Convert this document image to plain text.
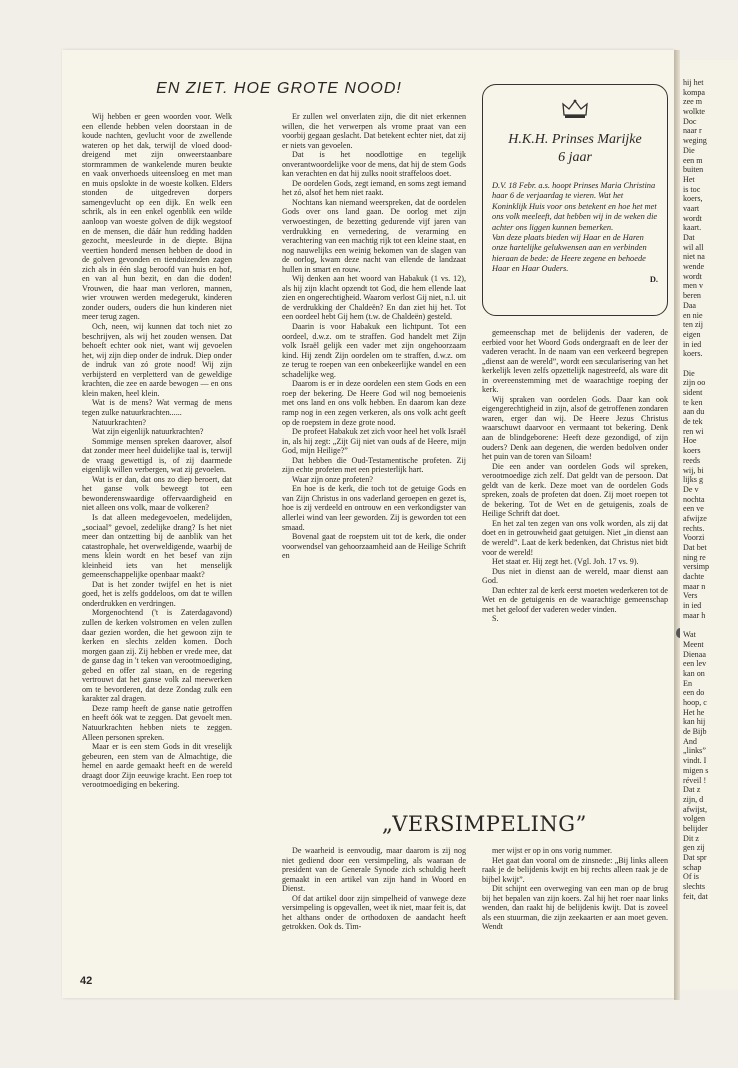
EN ZIET. HOE GROTE NOOD!

Wij hebben er geen woorden voor. Welk een ellende hebben velen doorstaan in de koude nachten, gevlucht voor de zwellende wateren op het dak, terwijl de vloed dood-dreigend met zijn onweerstaanbare stormrammen de wankelende muren beukte en vaak onverhoeds uiteensloeg en met man en muis opslokte in de woeste kolken. Elders stonden de uitgedreven dorpers samengevlucht op een dijk. En welk een schrik, als in een enkel ogenblik een wilde aanloop van woeste golven de dijk wegstoof en de mensen, die dáár hun redding hadden gezocht, meesleurde in de diepte. Bijna veertien honderd mensen hebben de dood in de golven gevonden en tienduizenden zagen zich als in één slag beroofd van huis en hof, en van al hun bezit, en dan die doden! Vrouwen, die haar man verloren, mannen, wier vrouwen werden medegerukt, kinderen zonder ouders, ouders die hun kinderen niet meer terug zagen.

Och, neen, wij kunnen dat toch niet zo beschrijven, als wij het zouden wensen. Dat behoeft echter ook niet, want wij gevoelen het, wij zijn diep onder de indruk. Diep onder de indruk van zó grote nood! Wij zijn verbijsterd en verpletterd van de geweldige krachten, die zee en aarde bewogen — en ons klein maken, heel klein.

Wat is de mens? Wat vermag de mens tegen zulke natuurkrachten......

Natuurkrachten?

Wat zijn eigenlijk natuurkrachten?

Sommige mensen spreken daarover, alsof dat zonder meer heel duidelijke taal is, terwijl de vraag gewettigd is, of zij daarmede eigenlijk willen verbergen, wat zij gevoelen.

Wat is er dan, dat ons zo diep beroert, dat het ganse volk beweegt tot een bewonderenswaardige offervaardigheid en niet alleen ons volk, maar de volkeren?

Is dat alleen medegevoelen, medelijden, „sociaal” gevoel, zedelijke drang? Is het niet meer dan ontzetting bij de aanblik van het catastrophale, het overweldigende, waarbij de mens klein wordt en het besef van zijn kleinheid iets van het menselijk gemeenschappelijke openbaar maakt?

Dat is het zonder twijfel en het is niet goed, het is zelfs goddeloos, om dat te willen onderdrukken en verdringen.

Morgenochtend ('t is Zaterdagavond) zullen de kerken volstromen en velen zullen daar gezien worden, die het gewoon zijn te kerken en slechts zelden komen. Doch morgen gaan zij. Zij hebben er vrede mee, dat de ganse dag in 't teken van verootmoediging, gebed en offer zal staan, en de regering vertrouwt dat het ganse volk zal meewerken om te bevorderen, dat deze Zondag zulk een karakter zal dragen.

Deze ramp heeft de ganse natie getroffen en heeft óók wat te zeggen. Dat gevoelt men. Natuurkrachten hebben niets te zeggen. Alleen personen spreken.

Maar er is een stem Gods in dit vreselijk gebeuren, een stem van de Almachtige, die hemel en aarde gemaakt heeft en de wereld draagt door Zijn eeuwige kracht. Een roep tot verootmoediging en bekering.

Er zullen wel onverlaten zijn, die dit niet erkennen willen, die het verwerpen als vrome praat van een voorbij gegaan geslacht. Dat betekent echter niet, dat zij er niets van gevoelen.

Dat is het noodlottige en tegelijk onverantwoordelijke voor de mens, dat hij de stem Gods kan verachten en dat hij zulks nooit straffeloos doet.

De oordelen Gods, zegt iemand, en soms zegt iemand het zó, alsof het hem niet raakt.

Nochtans kan niemand weerspreken, dat de oordelen Gods over ons land gaan. De oorlog met zijn verwoestingen, de bezetting gedurende vijf jaren van verdrukking en vernedering, de verarming en verachtering van een machtig rijk tot een kleine staat, en nog nauwelijks een weinig bekomen van de slagen van de oorlog, kwam deze nacht van ellende de landzaat hullen in smart en rouw.

Wij denken aan het woord van Habakuk (1 vs. 12), als hij zijn klacht opzendt tot God, die hem ellende laat zien en ongerechtigheid. Waarom verlost Gij niet, n.l. uit de verdrukking der Chaldeën? En dan ziet hij het. Tot een oordeel hebt Gij hem (t.w. de Chaldeën) gesteld.

Daarin is voor Habakuk een lichtpunt. Tot een oordeel, d.w.z. om te straffen. God handelt met Zijn volk Israël gelijk een vader met zijn ongehoorzaam kind. Hij zendt Zijn oordelen om te straffen, d.w.z. om ze terug te roepen van een onbekeerlijke wandel en een schadelijke weg.

Daarom is er in deze oordelen een stem Gods en een roep der bekering. De Heere God wil nog bemoeienis met ons land en ons volk hebben. En daarom kan deze ramp nog in een zegen verkeren, als ons volk acht geeft op de roepstem in deze grote nood.

De profeet Habakuk zet zich voor heel het volk Israël in, als hij zegt: „Zijt Gij niet van ouds af de Heere, mijn God, mijn Heilige?”

Dat hebben die Oud-Testamentische profeten. Zij zijn echte profeten met een priesterlijk hart.

Waar zijn onze profeten?

En hoe is de kerk, die toch tot de getuige Gods en van Zijn Christus in ons vaderland geroepen en gezet is, hoe is zij verdeeld en ontrouw en een verkondigster van allerlei wind van leer geworden. Zij is geworden tot een smaad.

Bovenal gaat de roepstem uit tot de kerk, die onder voorwendsel van gehoorzaamheid aan de Heilige Schrift en

gemeenschap met de belijdenis der vaderen, de eerbied voor het Woord Gods ondergraaft en de leer der vaderen veracht. In de naam van een verkeerd begrepen „dienst aan de wereld”, wordt een sæcularisering van het kerkelijk leven zelfs opzettelijk nagestreefd, als ware dit in overeenstemming met de waarachtige roeping der kerk.

Wij spraken van oordelen Gods. Daar kan ook eigengerechtigheid in zijn, alsof de getroffenen zondaren waren, erger dan wij. De Heere Jezus Christus waarschuwt daarvoor en vermaant tot bekering. Denk aan de blindgeborene: Heeft deze gezondigd, of zijn ouders? Denk aan degenen, die werden bedolven onder het puin van de toren van Siloam!

Die een ander van oordelen Gods wil spreken, verootmoedige zich zelf. Dat geldt van de persoon. Dat geldt van de kerk. Deze moet van de oordelen Gods spreken, zoals de profeten dat doen. Zij moet roepen tot de bekering. Tot de Wet en de getuigenis, zoals de Heilige Schrift dat doet.

En het zal ten zegen van ons volk worden, als zij dat doet en in getrouwheid gaat getuigen. Niet „in dienst aan de wereld”. Laat de kerk bedenken, dat Christus niet bidt voor de wereld!

Het staat er. Hij zegt het. (Vgl. Joh. 17 vs. 9).

Dus niet in dienst aan de wereld, maar dienst aan God.

Dan echter zal de kerk eerst moeten wederkeren tot de Wet en de getuigenis en de waarachtige gemeenschap met het geloof der vaderen weder vinden.

S.

H.K.H. Prinses Marijke
6 jaar

D.V. 18 Febr. a.s. hoopt Prinses Maria Christina haar 6 de verjaardag te vieren. Wat het Koninklijk Huis voor ons betekent en hoe het met ons volk meeleeft, dat hebben wij in de weken die achter ons liggen kunnen bemerken.

Van deze plaats bieden wij Haar en de Haren onze hartelijke gelukwensen aan en verbinden hieraan de bede: de Heere zegene en behoede Haar en Haar Ouders.

D.

„VERSIMPELING”

De waarheid is eenvoudig, maar daarom is zij nog niet gediend door een versimpeling, als waaraan de president van de Generale Synode zich schuldig heeft gemaakt in een artikel van zijn hand in Woord en Dienst.

Of dat artikel door zijn simpelheid of vanwege deze versimpeling is opgevallen, weet ik niet, maar feit is, dat het althans onder de orthodoxen de aandacht heeft getrokken. Ook ds. Tim-

mer wijst er op in ons vorig nummer.

Het gaat dan vooral om de zinsnede: „Bij links alleen raak je de belijdenis kwijt en bij rechts alleen raak je de bijbel kwijt”.

Dit schijnt een overweging van een man op de brug bij het bepalen van zijn koers. Zal hij het roer naar links wenden, dan raakt hij de belijdenis kwijt. Dat is zoveel als een stuurman, die zijn zeekaarten er aan moet geven. Wendt

42
hij het
kompa
zee m
wolkte
Doc
naar r
weging
Die
een m
buiten
Het
is toc
koers,
vaart
wordt
kaart.
Dat
wil all
niet na
wende
wordt
men v
beren
Daa
en nie
ten zij
eigen
in ied
koers.
Die
zijn oo
sident
te ken
aan du
de tek
ren wi
Hoe
koers
reeds
wij, bi
lijks g
De v
nochta
een ve
afwijze
rechts.
Voorzi
Dat bet
ning re
versimp
dachte
maar n
Vers
in ied
maar h
Wat
Meent
Dienaa
een lev
kan on
En
een do
hoop, c
Het he
kan hij
de Bijb
And
„links”
vindt. I
migen s
réveil !
Dat z
zijn, d
afwijst,
volgen
belijder
Dit z
gen zij
Dat spr
schap
Of is
slechts
feit, dat
